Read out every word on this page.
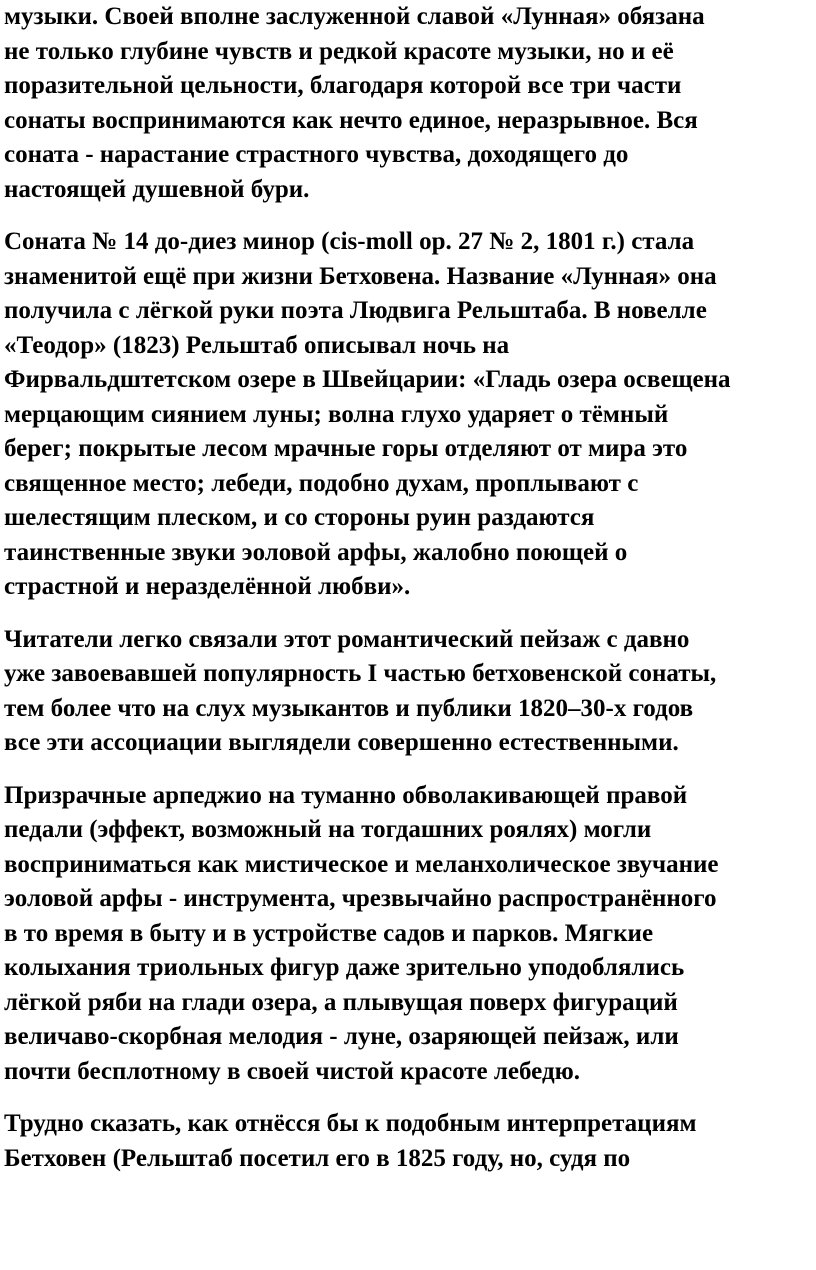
музыки. Своей вполне заслуженной славой «Лунная» обязана
не только глубине чувств и редкой красоте музыки, но и её
поразительной цельности, благодаря которой все три части
сонаты воспринимаются как нечто единое, неразрывное. Вся
соната - нарастание страстного чувства, доходящего до
настоящей душевной бури.
Соната № 14 до-диез минор (cis-moll op. 27 № 2, 1801 г.) стала
знаменитой ещё при жизни Бетховена. Название «Лунная» она
получила с лёгкой руки поэта Людвига Рельштаба. В новелле
«Теодор» (1823) Рельштаб описывал ночь на
Фирвальдштетском озере в Швейцарии: «Гладь озера освещена
мерцающим сиянием луны; волна глухо ударяет о тёмный
берег; покрытые лесом мрачные горы отделяют от мира это
священное место; лебеди, подобно духам, проплывают с
шелестящим плеском, и со стороны руин раздаются
таинственные звуки эоловой арфы, жалобно поющей о
страстной и неразделённой любви».
Читатели легко связали этот романтический пейзаж с давно
уже завоевавшей популярность I частью бетховенской сонаты,
тем более что на слух музыкантов и публики 1820–30-х годов
все эти ассоциации выглядели совершенно естественными.
Призрачные арпеджио на туманно обволакивающей правой
педали (эффект, возможный на тогдашних роялях) могли
восприниматься как мистическое и меланхолическое звучание
эоловой арфы - инструмента, чрезвычайно распространённого
в то время в быту и в устройстве садов и парков. Мягкие
колыхания триольных фигур даже зрительно уподоблялись
лёгкой ряби на глади озера, а плывущая поверх фигураций
величаво-скорбная мелодия - луне, озаряющей пейзаж, или
почти бесплотному в своей чистой красоте лебедю.
Трудно сказать, как отнёсся бы к подобным интерпретациям
Бетховен (Рельштаб посетил его в 1825 году, но, судя по
